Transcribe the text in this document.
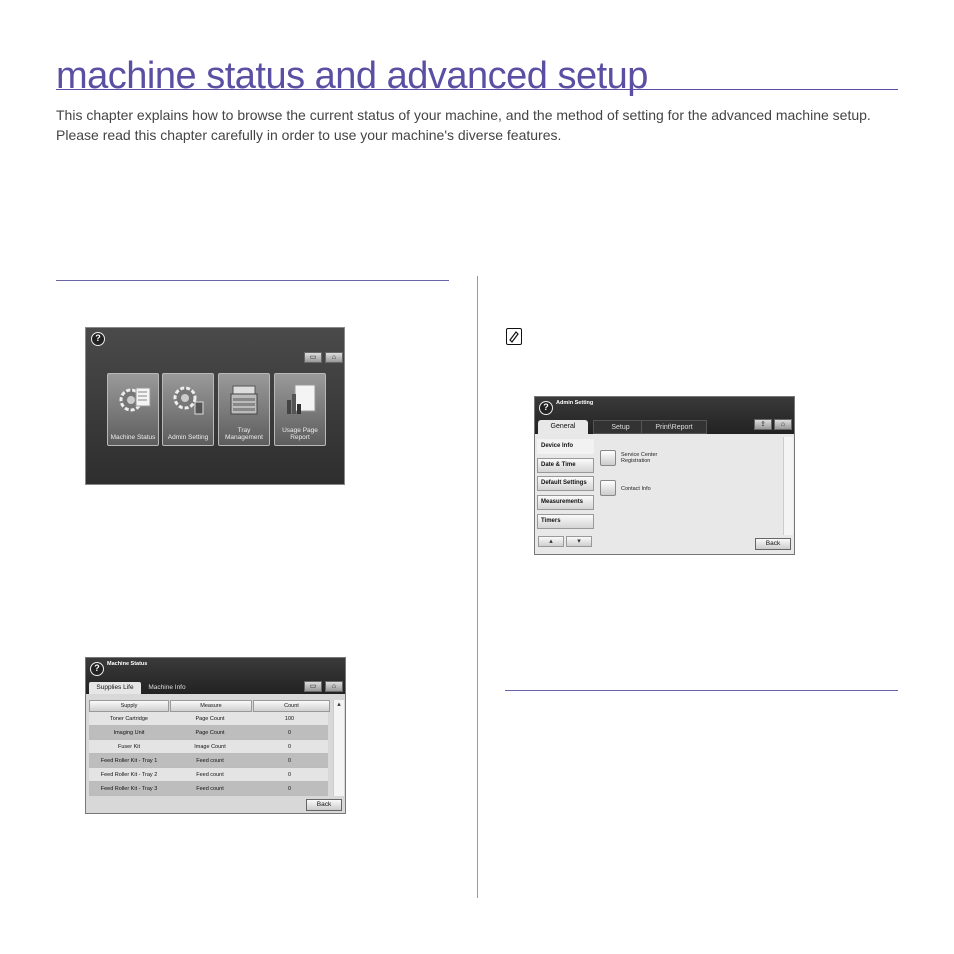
machine status and advanced setup

This chapter explains how to browse the current status of your machine, and the method of setting for the advanced machine setup. Please read this chapter carefully in order to use your machine's diverse features.

?
▭	⌂
Machine Status	Admin Setting
Tray Management
Usage Page Report
?	Admin Setting
General	Setup	Print\Report	⇪	⌂
Device Info
Date & Time
Default Settings
Measurements
Timers
▴	▾
Service Center Registration
Contact Info
Back
?	Machine Status
Supplies Life	Machine Info	▭	⌂
Supply	Measure	Count
Toner Cartridge	Page Count	100
Imaging Unit	Page Count	0
Fuser Kit	Image Count	0
Feed Roller Kit - Tray 1	Feed count	0
Feed Roller Kit - Tray 2	Feed count	0
Feed Roller Kit - Tray 3	Feed count	0
▴
Back
